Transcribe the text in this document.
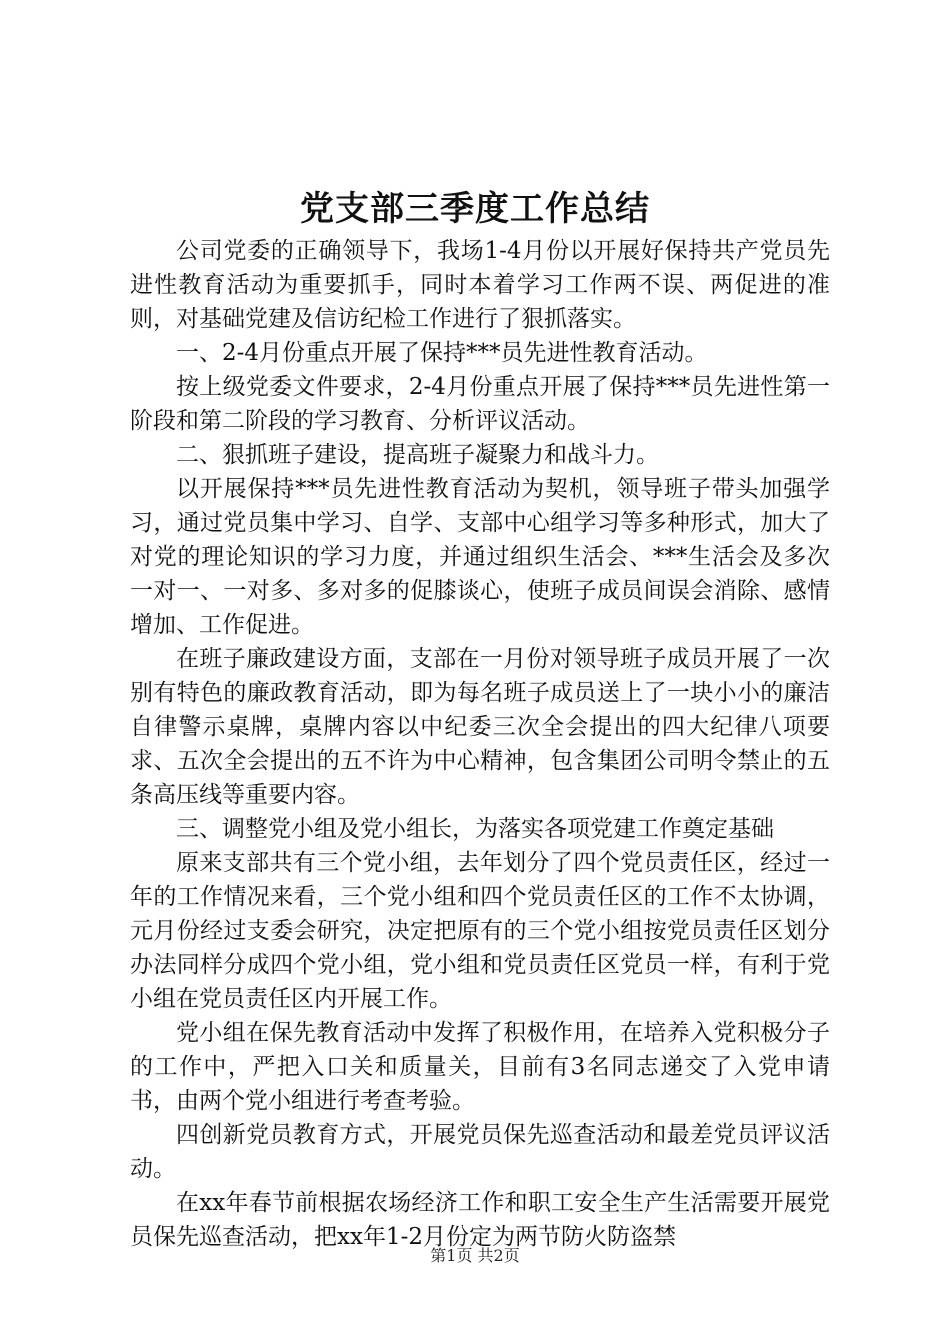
党支部三季度工作总结

公司党委的正确领导下，我场1-4月份以开展好保持共产党员先进性教育活动为重要抓手，同时本着学习工作两不误、两促进的准则，对基础党建及信访纪检工作进行了狠抓落实。

一、2-4月份重点开展了保持***员先进性教育活动。

按上级党委文件要求，2-4月份重点开展了保持***员先进性第一阶段和第二阶段的学习教育、分析评议活动。

二、狠抓班子建设，提高班子凝聚力和战斗力。

以开展保持***员先进性教育活动为契机，领导班子带头加强学习，通过党员集中学习、自学、支部中心组学习等多种形式，加大了对党的理论知识的学习力度，并通过组织生活会、***生活会及多次一对一、一对多、多对多的促膝谈心，使班子成员间误会消除、感情增加、工作促进。

在班子廉政建设方面，支部在一月份对领导班子成员开展了一次别有特色的廉政教育活动，即为每名班子成员送上了一块小小的廉洁自律警示桌牌，桌牌内容以中纪委三次全会提出的四大纪律八项要求、五次全会提出的五不许为中心精神，包含集团公司明令禁止的五条高压线等重要内容。

三、调整党小组及党小组长，为落实各项党建工作奠定基础

原来支部共有三个党小组，去年划分了四个党员责任区，经过一年的工作情况来看，三个党小组和四个党员责任区的工作不太协调，元月份经过支委会研究，决定把原有的三个党小组按党员责任区划分办法同样分成四个党小组，党小组和党员责任区党员一样，有利于党小组在党员责任区内开展工作。

党小组在保先教育活动中发挥了积极作用，在培养入党积极分子的工作中，严把入口关和质量关，目前有3名同志递交了入党申请书，由两个党小组进行考查考验。

四创新党员教育方式，开展党员保先巡查活动和最差党员评议活动。

在xx年春节前根据农场经济工作和职工安全生产生活需要开展党员保先巡查活动，把xx年1-2月份定为两节防火防盗禁

第1页 共2页
